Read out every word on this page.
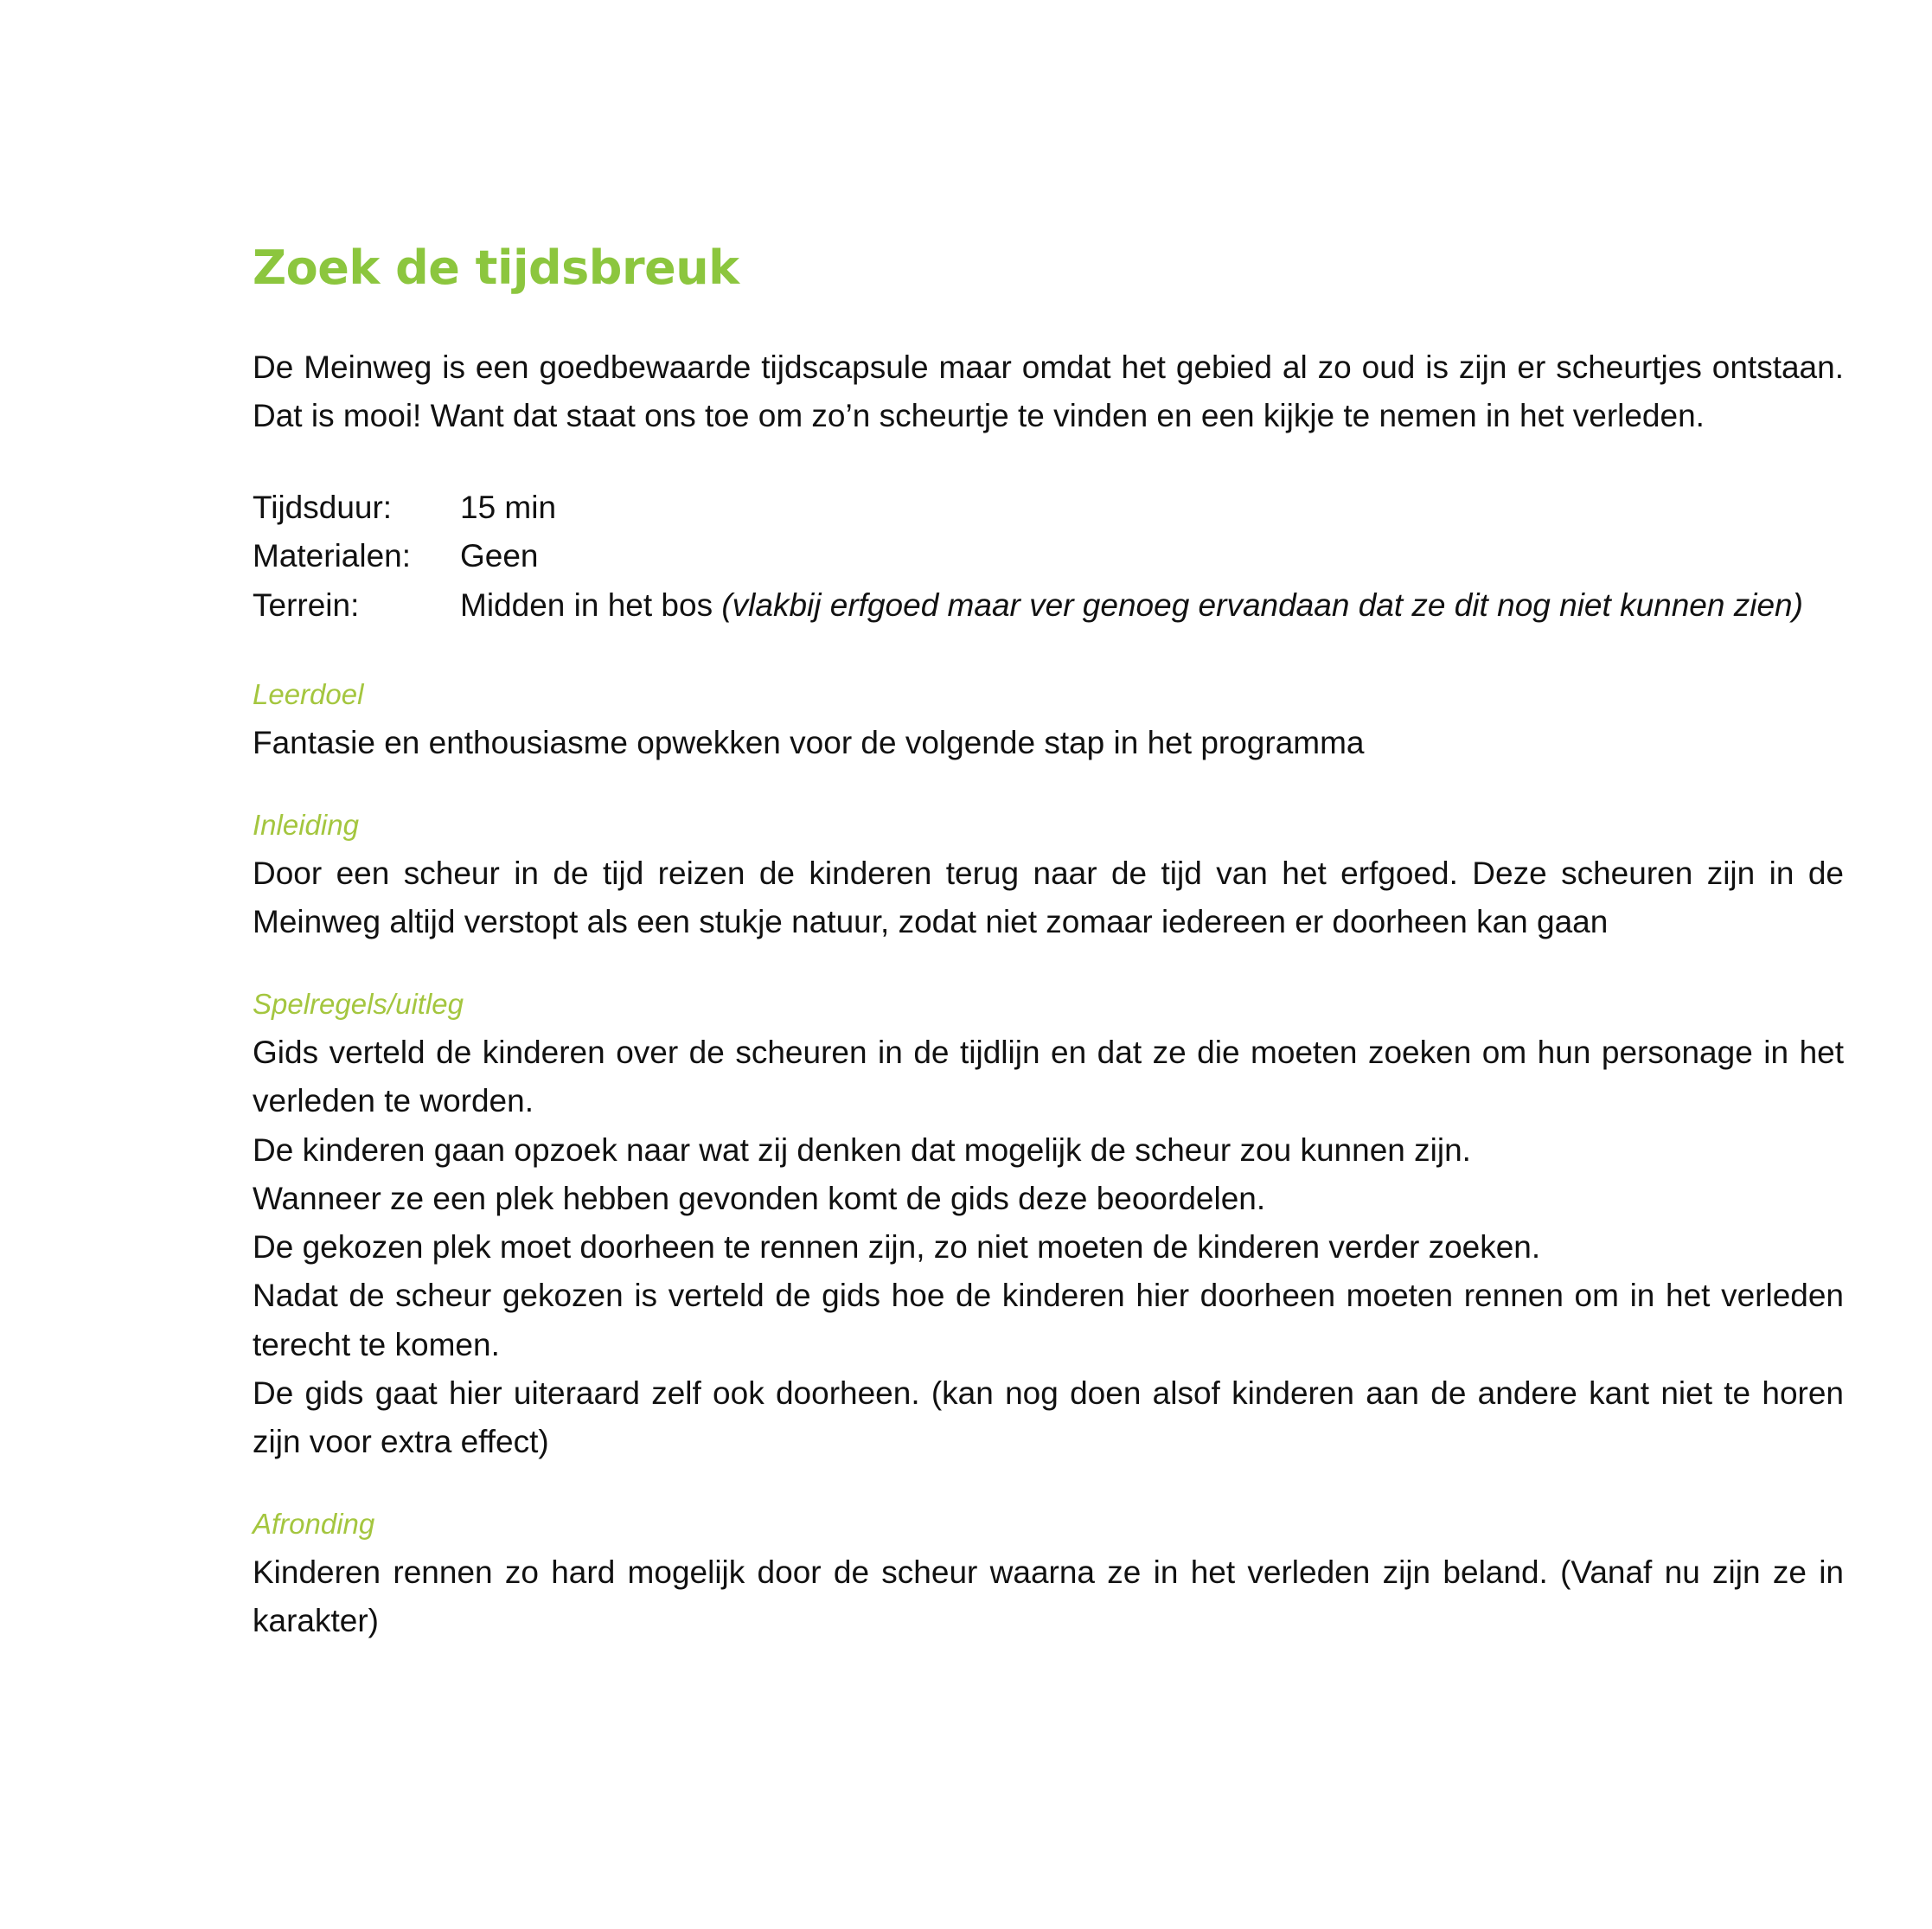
Zoek de tijdsbreuk

De Meinweg is een goedbewaarde tijdscapsule maar omdat het gebied al zo oud is zijn er scheurtjes ontstaan. Dat is mooi! Want dat staat ons toe om zo’n scheurtje te vinden en een kijkje te nemen in het verleden.

Tijdsduur: 15 min
Materialen: Geen
Terrein:	Midden in het bos (vlakbij erfgoed maar ver genoeg ervandaan dat ze dit nog niet kunnen zien)
Leerdoel

Fantasie en enthousiasme opwekken voor de volgende stap in het programma

Inleiding

Door een scheur in de tijd reizen de kinderen terug naar de tijd van het erfgoed. Deze scheuren zijn in de Meinweg altijd verstopt als een stukje natuur, zodat niet zomaar iedereen er doorheen kan gaan

Spelregels/uitleg

Gids verteld de kinderen over de scheuren in de tijdlijn en dat ze die moeten zoeken om hun personage in het verleden te worden.

De kinderen gaan opzoek naar wat zij denken dat mogelijk de scheur zou kunnen zijn.

Wanneer ze een plek hebben gevonden komt de gids deze beoordelen.

De gekozen plek moet doorheen te rennen zijn, zo niet moeten de kinderen verder zoeken.

Nadat de scheur gekozen is verteld de gids hoe de kinderen hier doorheen moeten rennen om in het verleden terecht te komen.

De gids gaat hier uiteraard zelf ook doorheen. (kan nog doen alsof kinderen aan de andere kant niet te horen zijn voor extra effect)

Afronding

Kinderen rennen zo hard mogelijk door de scheur waarna ze in het verleden zijn beland. (Vanaf nu zijn ze in karakter)
